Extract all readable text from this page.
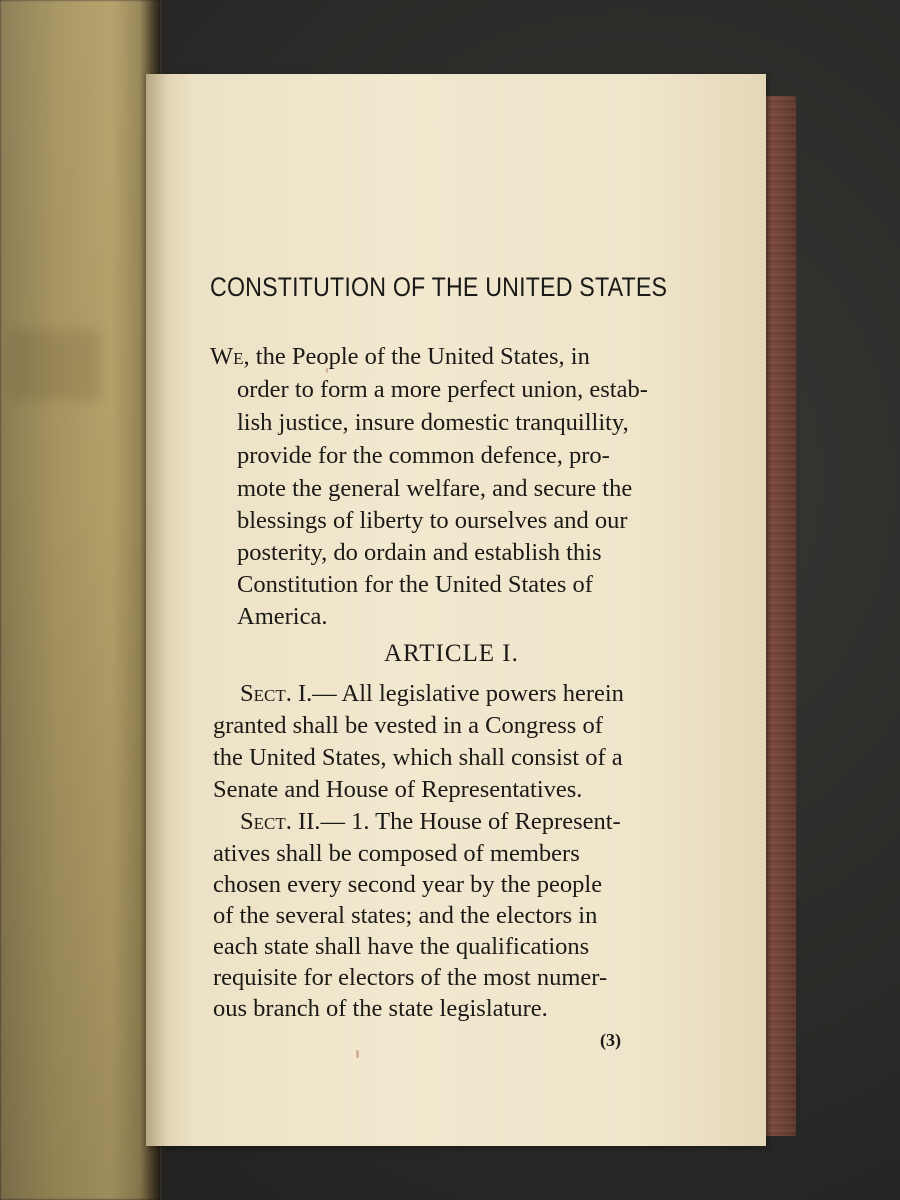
CONSTITUTION OF THE UNITED STATES
We, the People of the United States, in
order to form a more perfect union, estab-
lish justice, insure domestic tranquillity,
provide for the common defence, pro-
mote the general welfare, and secure the
blessings of liberty to ourselves and our
posterity, do ordain and establish this
Constitution for the United States of
America.
ARTICLE I.
Sect. I.— All legislative powers herein
granted shall be vested in a Congress of
the United States, which shall consist of a
Senate and House of Representatives.
Sect. II.— 1. The House of Represent-
atives shall be composed of members
chosen every second year by the people
of the several states; and the electors in
each state shall have the qualifications
requisite for electors of the most numer-
ous branch of the state legislature.
(3)
